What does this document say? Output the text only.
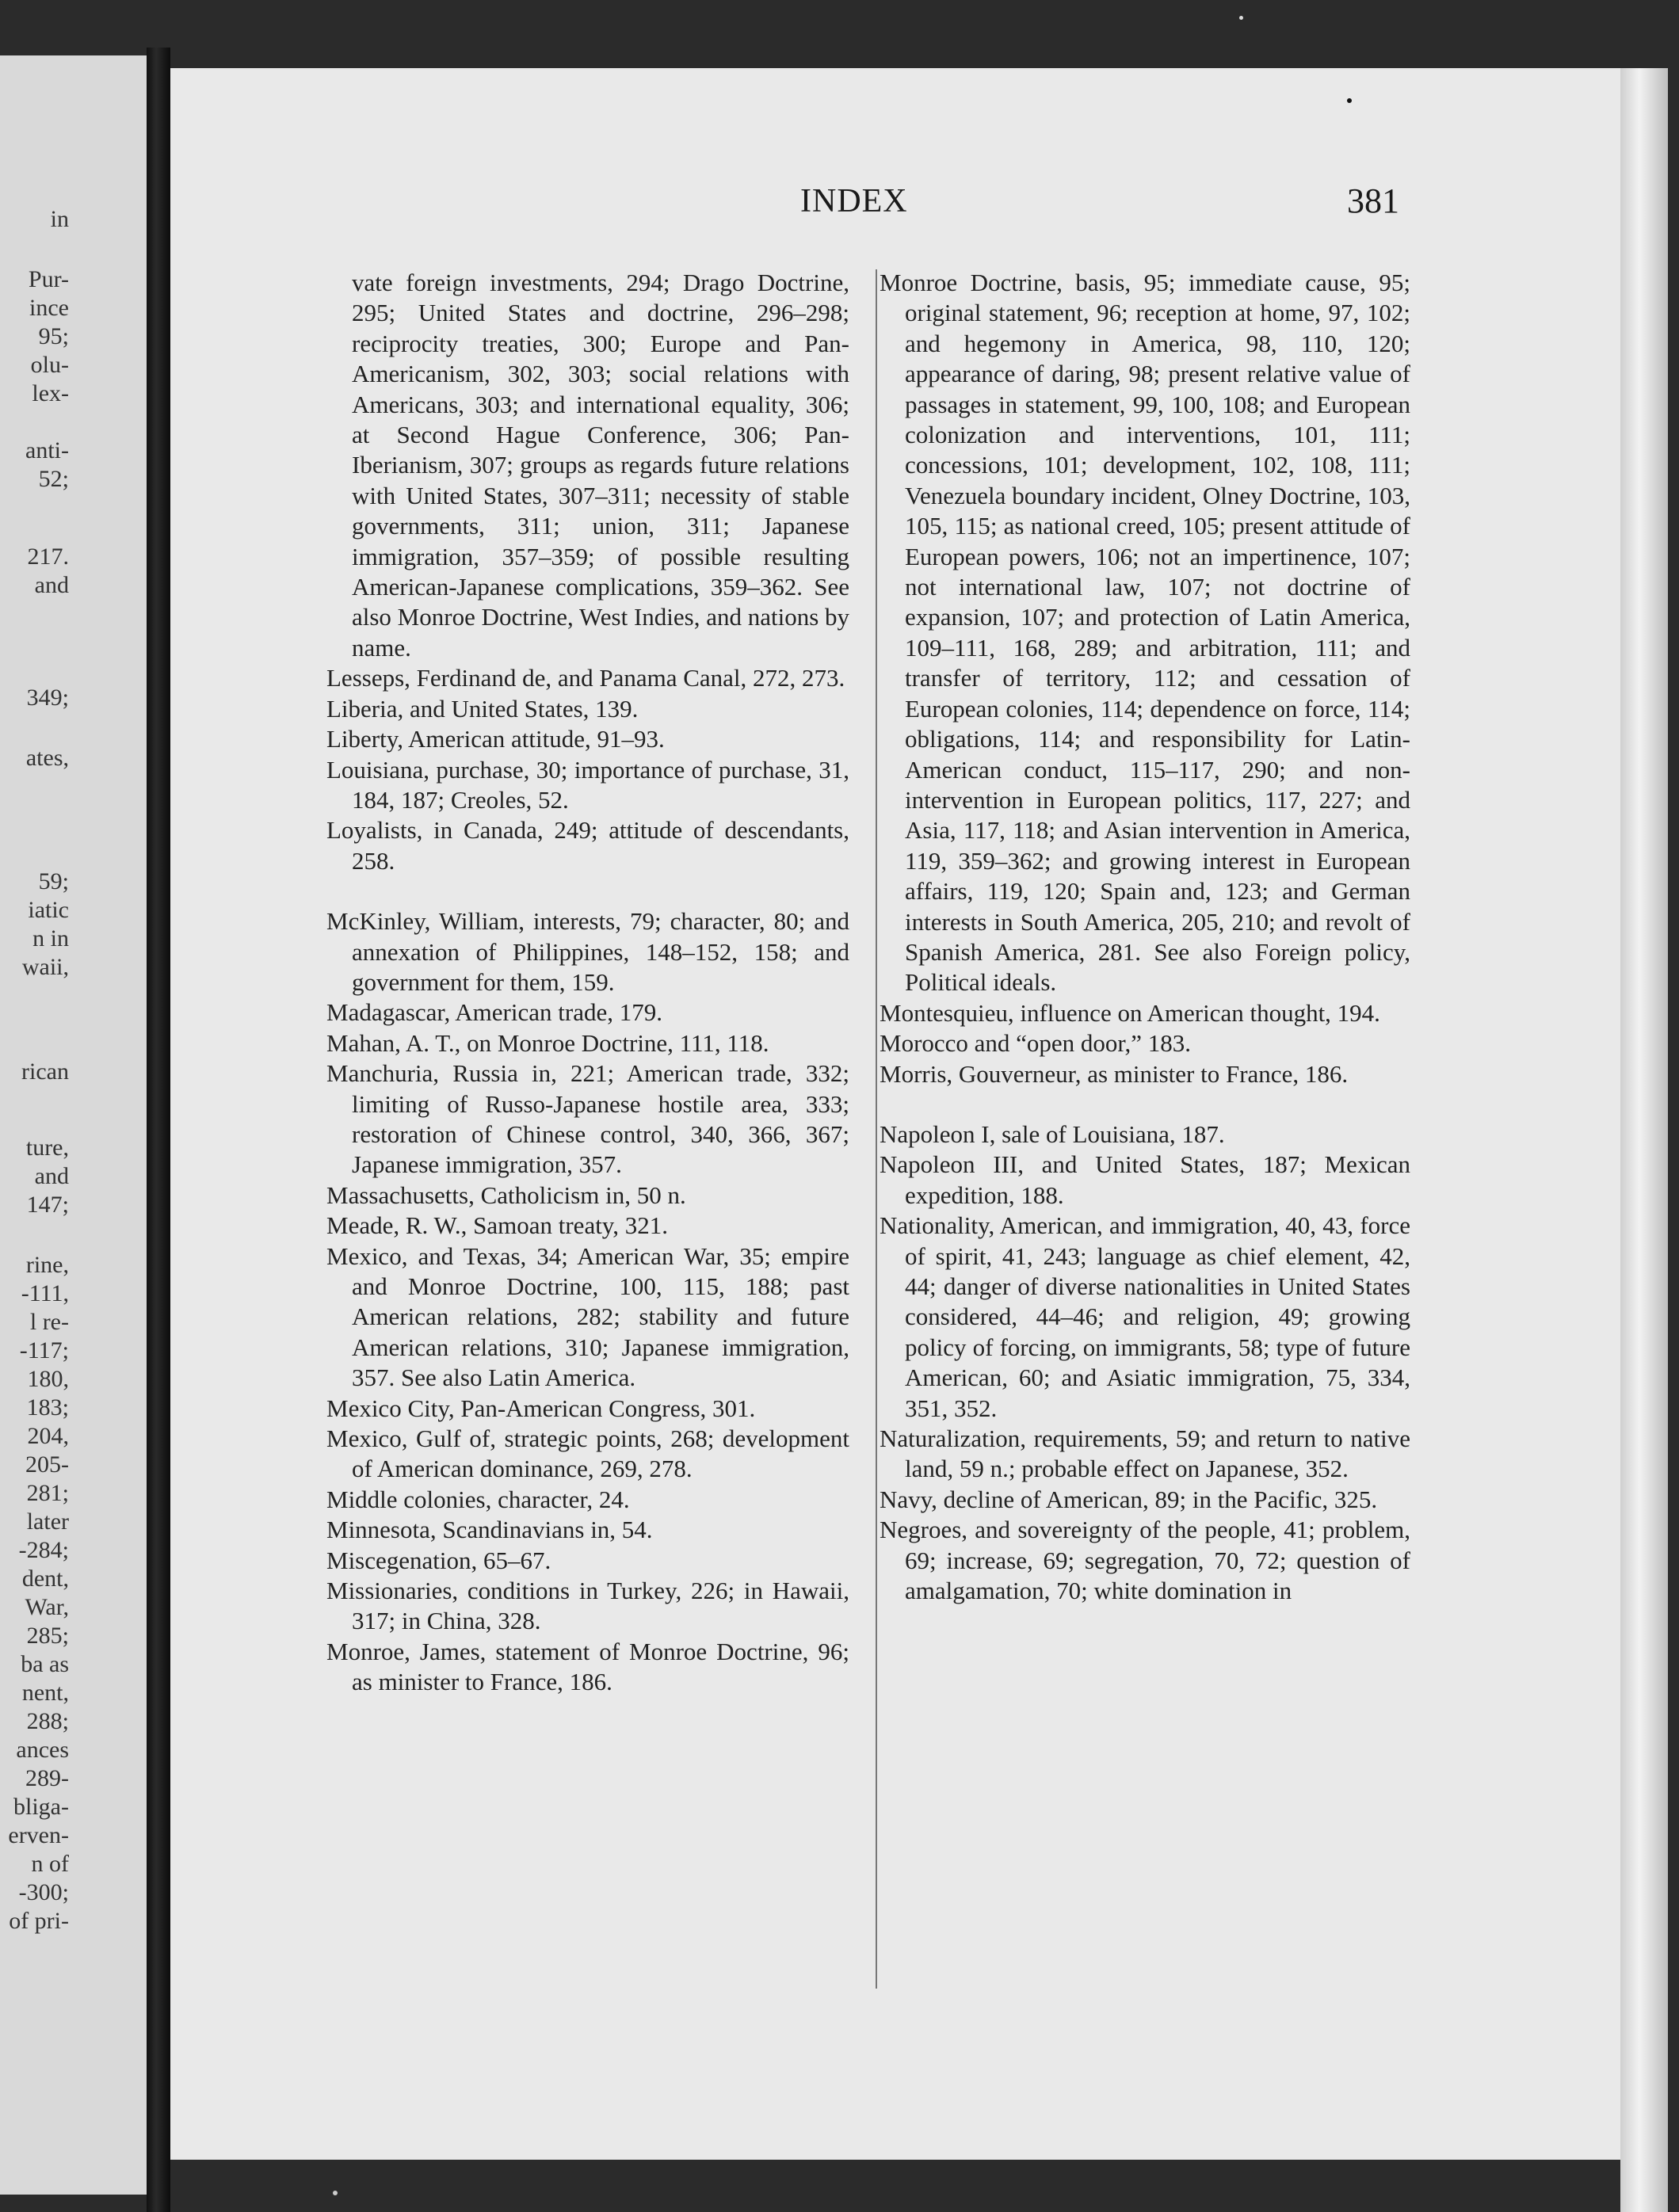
in
Pur-
ince
95;
olu-
lex-
anti-
52;
217.
and
349;
ates,
59;
iatic
n in
waii,
rican
ture,
and
147;
rine,
-111,
l re-
-117;
180,
183;
204,
205-
281;
later
-284;
dent,
War,
285;
ba as
nent,
288;
ances
289-
bliga-
erven-
n of
-300;
of pri-
INDEX	381

vate foreign investments, 294; Drago Doctrine, 295; United States and doctrine, 296–298; reciprocity treaties, 300; Europe and Pan-Americanism, 302, 303; social relations with Americans, 303; and international equality, 306; at Second Hague Conference, 306; Pan-Iberianism, 307; groups as regards future relations with United States, 307–311; necessity of stable governments, 311; union, 311; Japanese immigration, 357–359; of possible resulting American-Japanese complications, 359–362. See also Monroe Doctrine, West Indies, and nations by name.

Lesseps, Ferdinand de, and Panama Canal, 272, 273.

Liberia, and United States, 139.

Liberty, American attitude, 91–93.

Louisiana, purchase, 30; importance of purchase, 31, 184, 187; Creoles, 52.

Loyalists, in Canada, 249; attitude of descendants, 258.

McKinley, William, interests, 79; character, 80; and annexation of Philippines, 148–152, 158; and government for them, 159.

Madagascar, American trade, 179.

Mahan, A. T., on Monroe Doctrine, 111, 118.

Manchuria, Russia in, 221; American trade, 332; limiting of Russo-Japanese hostile area, 333; restoration of Chinese control, 340, 366, 367; Japanese immigration, 357.

Massachusetts, Catholicism in, 50 n.

Meade, R. W., Samoan treaty, 321.

Mexico, and Texas, 34; American War, 35; empire and Monroe Doctrine, 100, 115, 188; past American relations, 282; stability and future American relations, 310; Japanese immigration, 357. See also Latin America.

Mexico City, Pan-American Congress, 301.

Mexico, Gulf of, strategic points, 268; development of American dominance, 269, 278.

Middle colonies, character, 24.

Minnesota, Scandinavians in, 54.

Miscegenation, 65–67.

Missionaries, conditions in Turkey, 226; in Hawaii, 317; in China, 328.

Monroe, James, statement of Monroe Doctrine, 96; as minister to France, 186.

Monroe Doctrine, basis, 95; immediate cause, 95; original statement, 96; reception at home, 97, 102; and hegemony in America, 98, 110, 120; appearance of daring, 98; present relative value of passages in statement, 99, 100, 108; and European colonization and interventions, 101, 111; concessions, 101; development, 102, 108, 111; Venezuela boundary incident, Olney Doctrine, 103, 105, 115; as national creed, 105; present attitude of European powers, 106; not an impertinence, 107; not international law, 107; not doctrine of expansion, 107; and protection of Latin America, 109–111, 168, 289; and arbitration, 111; and transfer of territory, 112; and cessation of European colonies, 114; dependence on force, 114; obligations, 114; and responsibility for Latin-American conduct, 115–117, 290; and non-intervention in European politics, 117, 227; and Asia, 117, 118; and Asian intervention in America, 119, 359–362; and growing interest in European affairs, 119, 120; Spain and, 123; and German interests in South America, 205, 210; and revolt of Spanish America, 281. See also Foreign policy, Political ideals.

Montesquieu, influence on American thought, 194.

Morocco and “open door,” 183.

Morris, Gouverneur, as minister to France, 186.

Napoleon I, sale of Louisiana, 187.

Napoleon III, and United States, 187; Mexican expedition, 188.

Nationality, American, and immigration, 40, 43, force of spirit, 41, 243; language as chief element, 42, 44; danger of diverse nationalities in United States considered, 44–46; and religion, 49; growing policy of forcing, on immigrants, 58; type of future American, 60; and Asiatic immigration, 75, 334, 351, 352.

Naturalization, requirements, 59; and return to native land, 59 n.; probable effect on Japanese, 352.

Navy, decline of American, 89; in the Pacific, 325.

Negroes, and sovereignty of the people, 41; problem, 69; increase, 69; segregation, 70, 72; question of amalgamation, 70; white domination in
